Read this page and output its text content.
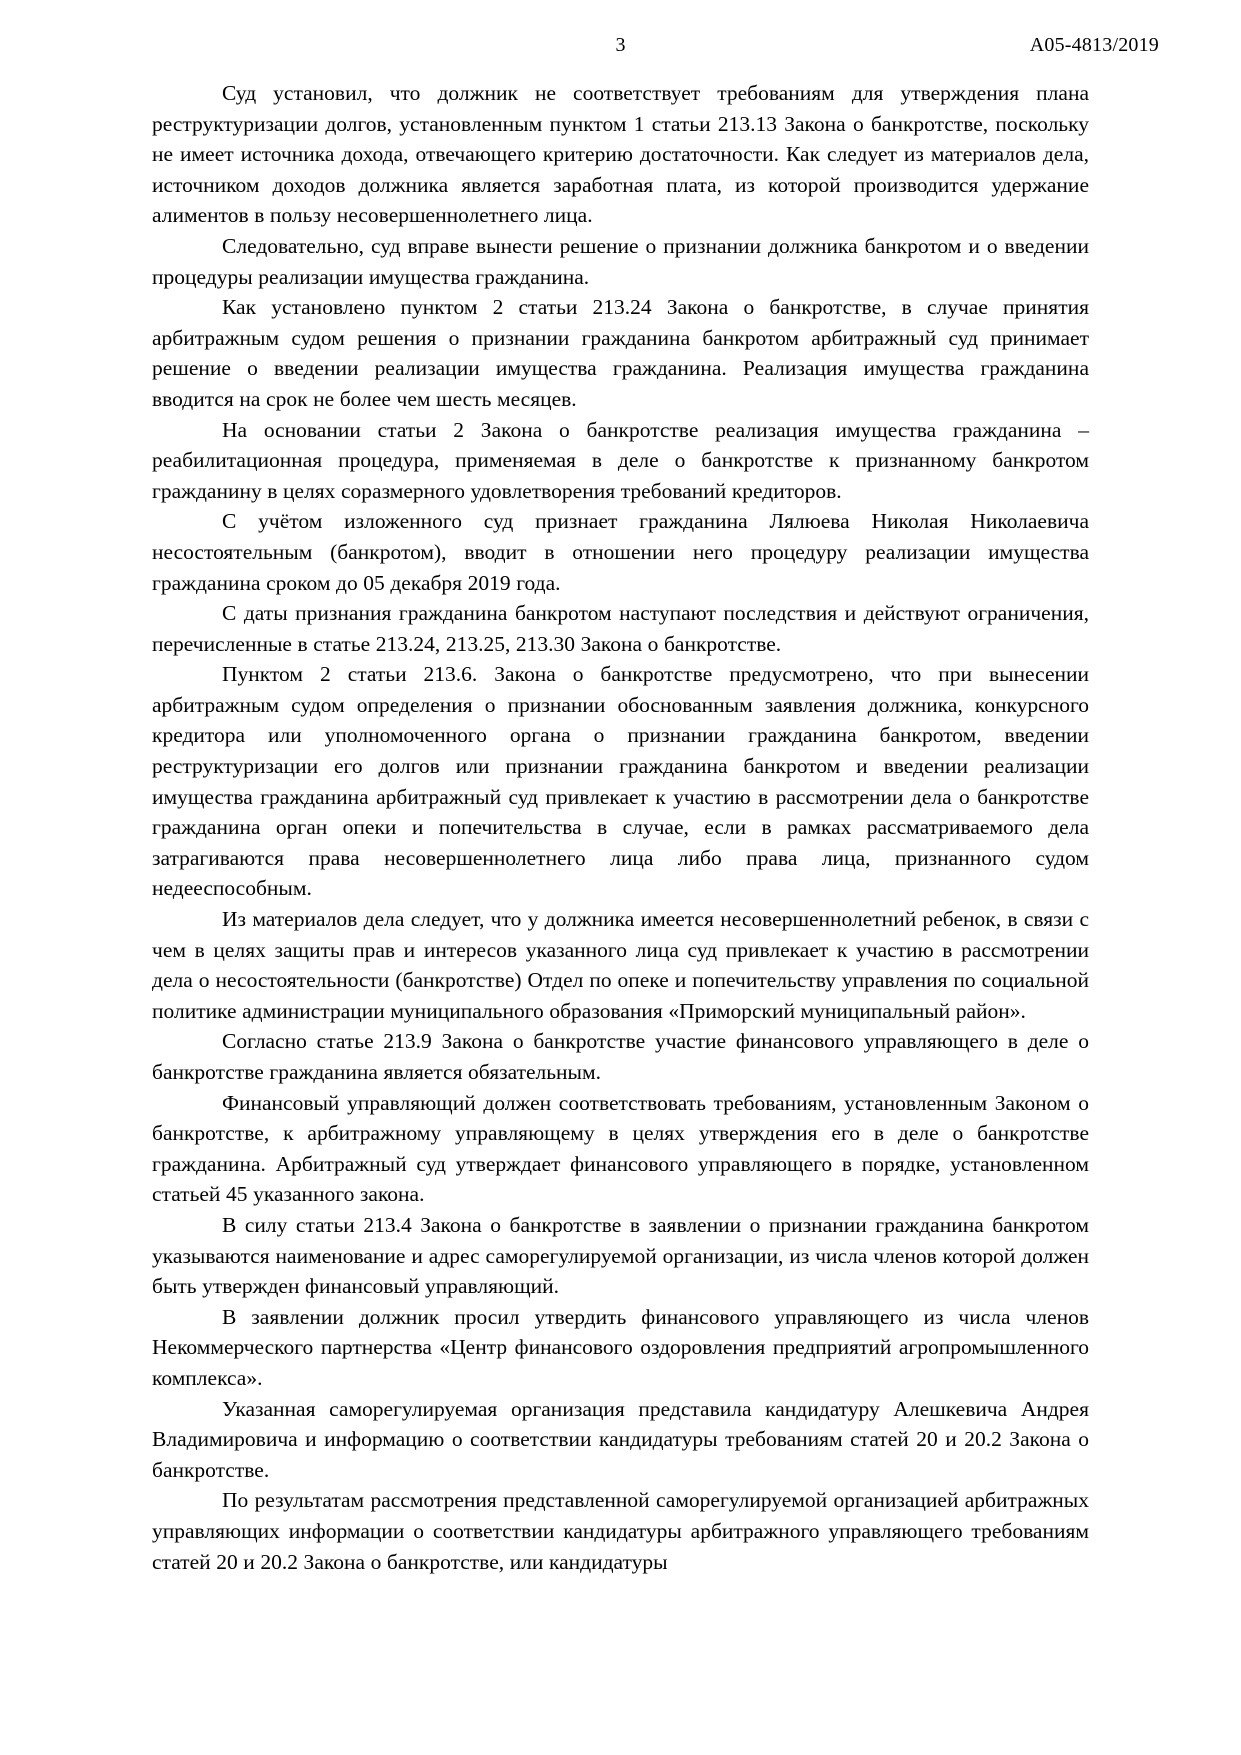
3	А05-4813/2019

Суд установил, что должник не соответствует требованиям для утверждения плана реструктуризации долгов, установленным пунктом 1 статьи 213.13 Закона о банкротстве, поскольку не имеет источника дохода, отвечающего критерию достаточности. Как следует из материалов дела, источником доходов должника является заработная плата, из которой производится удержание алиментов в пользу несовершеннолетнего лица.

Следовательно, суд вправе вынести решение о признании должника банкротом и о введении процедуры реализации имущества гражданина.

Как установлено пунктом 2 статьи 213.24 Закона о банкротстве, в случае принятия арбитражным судом решения о признании гражданина банкротом арбитражный суд принимает решение о введении реализации имущества гражданина. Реализация имущества гражданина вводится на срок не более чем шесть месяцев.

На основании статьи 2 Закона о банкротстве реализация имущества гражданина – реабилитационная процедура, применяемая в деле о банкротстве к признанному банкротом гражданину в целях соразмерного удовлетворения требований кредиторов.

С учётом изложенного суд признает гражданина Лялюева Николая Николаевича несостоятельным (банкротом), вводит в отношении него процедуру реализации имущества гражданина сроком до 05 декабря 2019 года.

С даты признания гражданина банкротом наступают последствия и действуют ограничения, перечисленные в статье 213.24, 213.25, 213.30 Закона о банкротстве.

Пунктом 2 статьи 213.6. Закона о банкротстве предусмотрено, что при вынесении арбитражным судом определения о признании обоснованным заявления должника, конкурсного кредитора или уполномоченного органа о признании гражданина банкротом, введении реструктуризации его долгов или признании гражданина банкротом и введении реализации имущества гражданина арбитражный суд привлекает к участию в рассмотрении дела о банкротстве гражданина орган опеки и попечительства в случае, если в рамках рассматриваемого дела затрагиваются права несовершеннолетнего лица либо права лица, признанного судом недееспособным.

Из материалов дела следует, что у должника имеется несовершеннолетний ребенок, в связи с чем в целях защиты прав и интересов указанного лица суд привлекает к участию в рассмотрении дела о несостоятельности (банкротстве) Отдел по опеке и попечительству управления по социальной политике администрации муниципального образования «Приморский муниципальный район».

Согласно статье 213.9 Закона о банкротстве участие финансового управляющего в деле о банкротстве гражданина является обязательным.

Финансовый управляющий должен соответствовать требованиям, установленным Законом о банкротстве, к арбитражному управляющему в целях утверждения его в деле о банкротстве гражданина. Арбитражный суд утверждает финансового управляющего в порядке, установленном статьей 45 указанного закона.

В силу статьи 213.4 Закона о банкротстве в заявлении о признании гражданина банкротом указываются наименование и адрес саморегулируемой организации, из числа членов которой должен быть утвержден финансовый управляющий.

В заявлении должник просил утвердить финансового управляющего из числа членов Некоммерческого партнерства «Центр финансового оздоровления предприятий агропромышленного комплекса».

Указанная саморегулируемая организация представила кандидатуру Алешкевича Андрея Владимировича и информацию о соответствии кандидатуры требованиям статей 20 и 20.2 Закона о банкротстве.

По результатам рассмотрения представленной саморегулируемой организацией арбитражных управляющих информации о соответствии кандидатуры арбитражного управляющего требованиям статей 20 и 20.2 Закона о банкротстве, или кандидатуры
